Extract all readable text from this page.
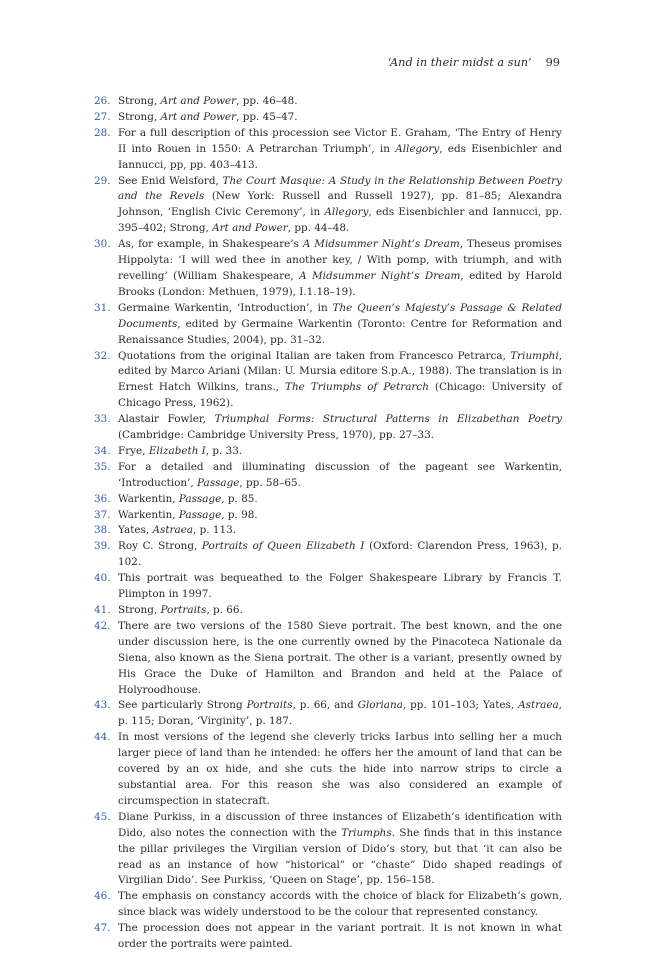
‘And in their midst a sun’ 99
26. Strong, Art and Power, pp. 46–48.
27. Strong, Art and Power, pp. 45–47.
28. For a full description of this procession see Victor E. Graham, ‘The Entry of Henry II into Rouen in 1550: A Petrarchan Triumph’, in Allegory, eds Eisenbichler and Iannucci, pp, pp. 403–413.
29. See Enid Welsford, The Court Masque: A Study in the Relationship Between Poetry and the Revels (New York: Russell and Russell 1927), pp. 81–85; Alexandra Johnson, ‘English Civic Ceremony’, in Allegory, eds Eisenbichler and Iannucci, pp. 395–402; Strong, Art and Power, pp. 44–48.
30. As, for example, in Shakespeare’s A Midsummer Night’s Dream, Theseus promises Hippolyta: ‘I will wed thee in another key, / With pomp, with triumph, and with revelling’ (William Shakespeare, A Midsummer Night’s Dream, edited by Harold Brooks (London: Methuen, 1979), I.1.18–19).
31. Germaine Warkentin, ‘Introduction’, in The Queen’s Majesty’s Passage & Related Documents, edited by Germaine Warkentin (Toronto: Centre for Reformation and Renaissance Studies, 2004), pp. 31–32.
32. Quotations from the original Italian are taken from Francesco Petrarca, Triumphi, edited by Marco Ariani (Milan: U. Mursia editore S.p.A., 1988). The translation is in Ernest Hatch Wilkins, trans., The Triumphs of Petrarch (Chicago: University of Chicago Press, 1962).
33. Alastair Fowler, Triumphal Forms: Structural Patterns in Elizabethan Poetry (Cambridge: Cambridge University Press, 1970), pp. 27–33.
34. Frye, Elizabeth I, p. 33.
35. For a detailed and illuminating discussion of the pageant see Warkentin, ‘Introduction’, Passage, pp. 58–65.
36. Warkentin, Passage, p. 85.
37. Warkentin, Passage, p. 98.
38. Yates, Astraea, p. 113.
39. Roy C. Strong, Portraits of Queen Elizabeth I (Oxford: Clarendon Press, 1963), p. 102.
40. This portrait was bequeathed to the Folger Shakespeare Library by Francis T. Plimpton in 1997.
41. Strong, Portraits, p. 66.
42. There are two versions of the 1580 Sieve portrait. The best known, and the one under discussion here, is the one currently owned by the Pinacoteca Nationale da Siena, also known as the Siena portrait. The other is a variant, presently owned by His Grace the Duke of Hamilton and Brandon and held at the Palace of Holyroodhouse.
43. See particularly Strong Portraits, p. 66, and Gloriana, pp. 101–103; Yates, Astraea, p. 115; Doran, ‘Virginity’, p. 187.
44. In most versions of the legend she cleverly tricks Iarbus into selling her a much larger piece of land than he intended: he offers her the amount of land that can be covered by an ox hide, and she cuts the hide into narrow strips to circle a substantial area. For this reason she was also considered an example of circumspection in statecraft.
45. Diane Purkiss, in a discussion of three instances of Elizabeth’s identification with Dido, also notes the connection with the Triumphs. She finds that in this instance the pillar privileges the Virgilian version of Dido’s story, but that ‘it can also be read as an instance of how “historical” or “chaste” Dido shaped readings of Virgilian Dido’. See Purkiss, ‘Queen on Stage’, pp. 156–158.
46. The emphasis on constancy accords with the choice of black for Elizabeth’s gown, since black was widely understood to be the colour that represented constancy.
47. The procession does not appear in the variant portrait. It is not known in what order the portraits were painted.
